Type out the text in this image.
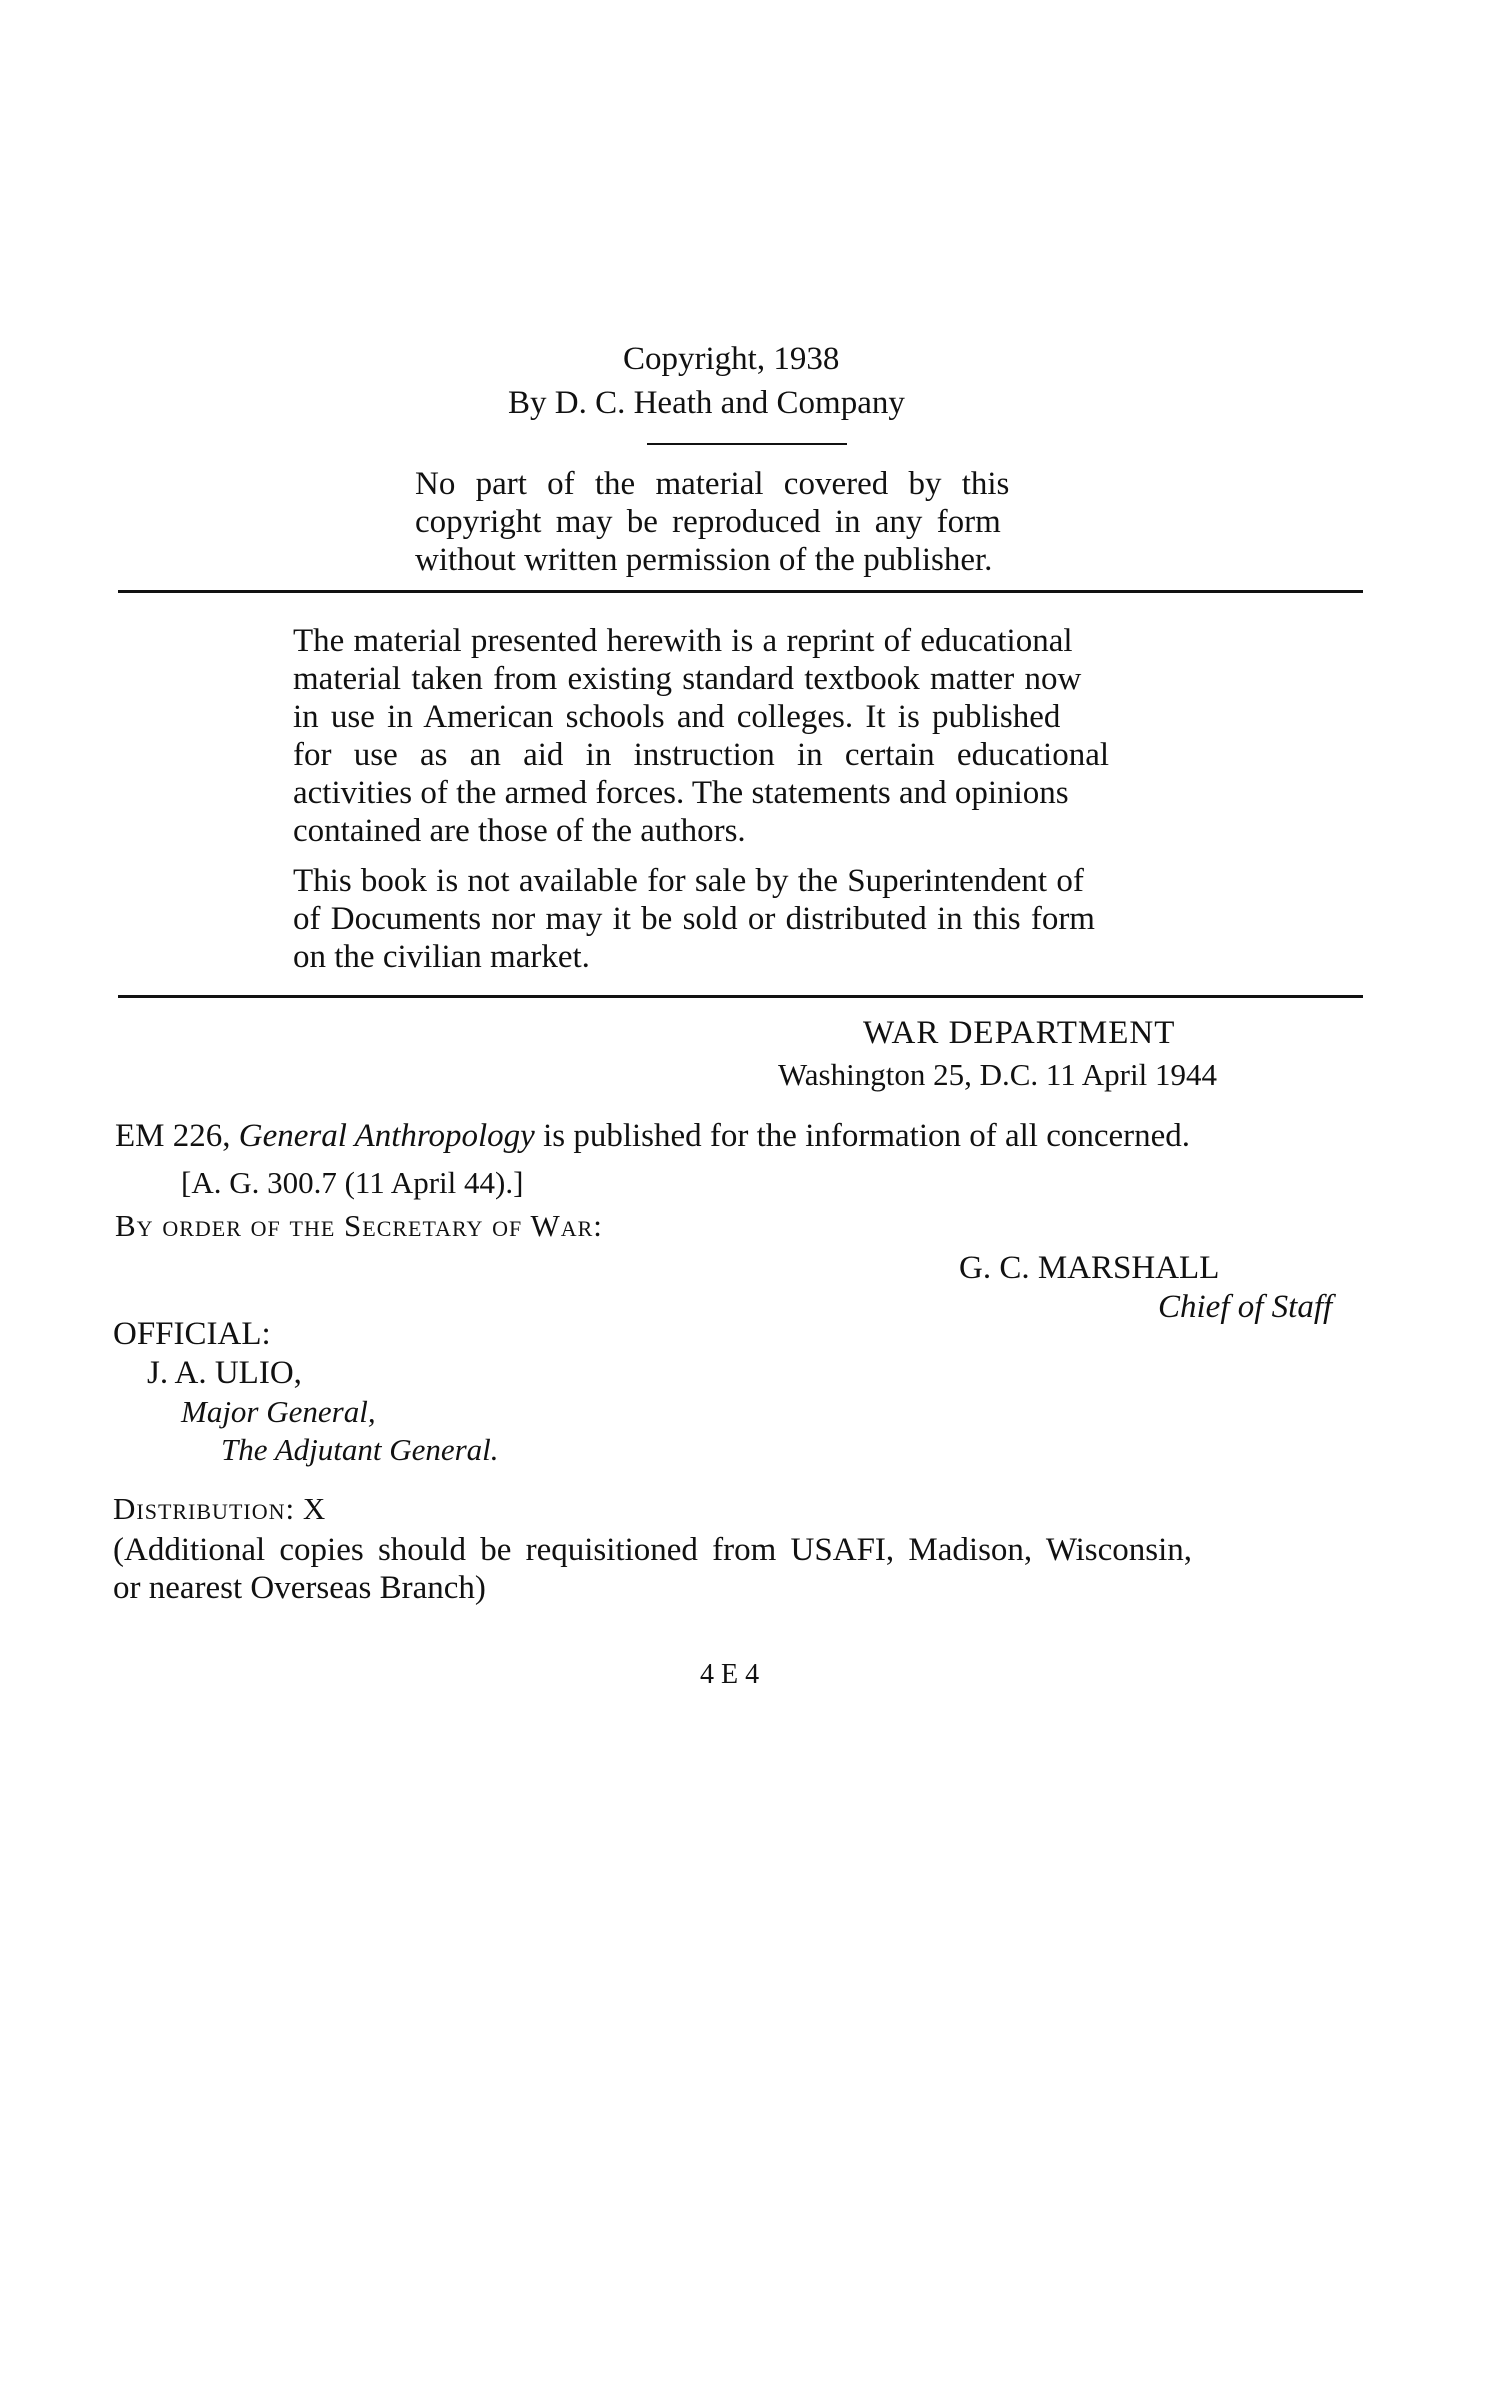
Copyright, 1938
By D. C. Heath and Company
No part of the material covered by this
copyright may be reproduced in any form
without written permission of the publisher.
The material presented herewith is a reprint of educational
material taken from existing standard textbook matter now
in use in American schools and colleges. It is published
for use as an aid in instruction in certain educational
activities of the armed forces. The statements and opinions
contained are those of the authors.
This book is not available for sale by the Superintendent of
of Documents nor may it be sold or distributed in this form
on the civilian market.
WAR DEPARTMENT
Washington 25, D.C. 11 April 1944
EM 226, General Anthropology is published for the information of all concerned.
[A. G. 300.7 (11 April 44).]
By order of the Secretary of War:
G. C. MARSHALL
Chief of Staff
OFFICIAL:
J. A. ULIO,
Major General,
The Adjutant General.
Distribution: X
(Additional copies should be requisitioned from USAFI, Madison, Wisconsin,
or nearest Overseas Branch)
4 E 4
